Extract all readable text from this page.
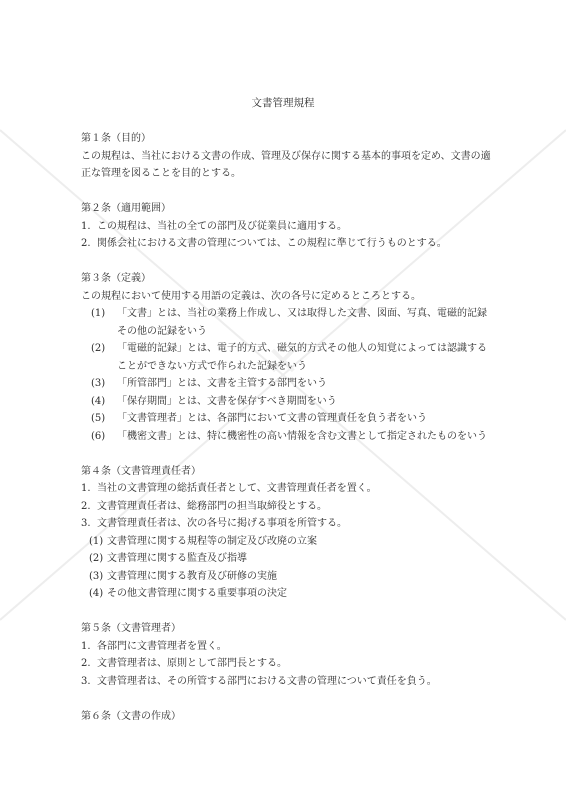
✕
文書管理規程

第１条（目的）

この規程は、当社における文書の作成、管理及び保存に関する基本的事項を定め、文書の適正な管理を図ることを目的とする。

第２条（適用範囲）

1. この規程は、当社の全ての部門及び従業員に適用する。
2. 関係会社における文書の管理については、この規程に準じて行うものとする。

第３条（定義）

この規程において使用する用語の定義は、次の各号に定めるところとする。

(1)	「文書」とは、当社の業務上作成し、又は取得した文書、図面、写真、電磁的記録その他の記録をいう
(2)	「電磁的記録」とは、電子的方式、磁気的方式その他人の知覚によっては認識することができない方式で作られた記録をいう
(3)	「所管部門」とは、文書を主管する部門をいう
(4)	「保存期間」とは、文書を保存すべき期間をいう
(5)	「文書管理者」とは、各部門において文書の管理責任を負う者をいう
(6)	「機密文書」とは、特に機密性の高い情報を含む文書として指定されたものをいう

第４条（文書管理責任者）

1. 当社の文書管理の総括責任者として、文書管理責任者を置く。
2. 文書管理責任者は、総務部門の担当取締役とする。
3. 文書管理責任者は、次の各号に掲げる事項を所管する。
(1) 文書管理に関する規程等の制定及び改廃の立案
(2) 文書管理に関する監査及び指導
(3) 文書管理に関する教育及び研修の実施
(4) その他文書管理に関する重要事項の決定

第５条（文書管理者）

1. 各部門に文書管理者を置く。
2. 文書管理者は、原則として部門長とする。
3. 文書管理者は、その所管する部門における文書の管理について責任を負う。

第６条（文書の作成）
